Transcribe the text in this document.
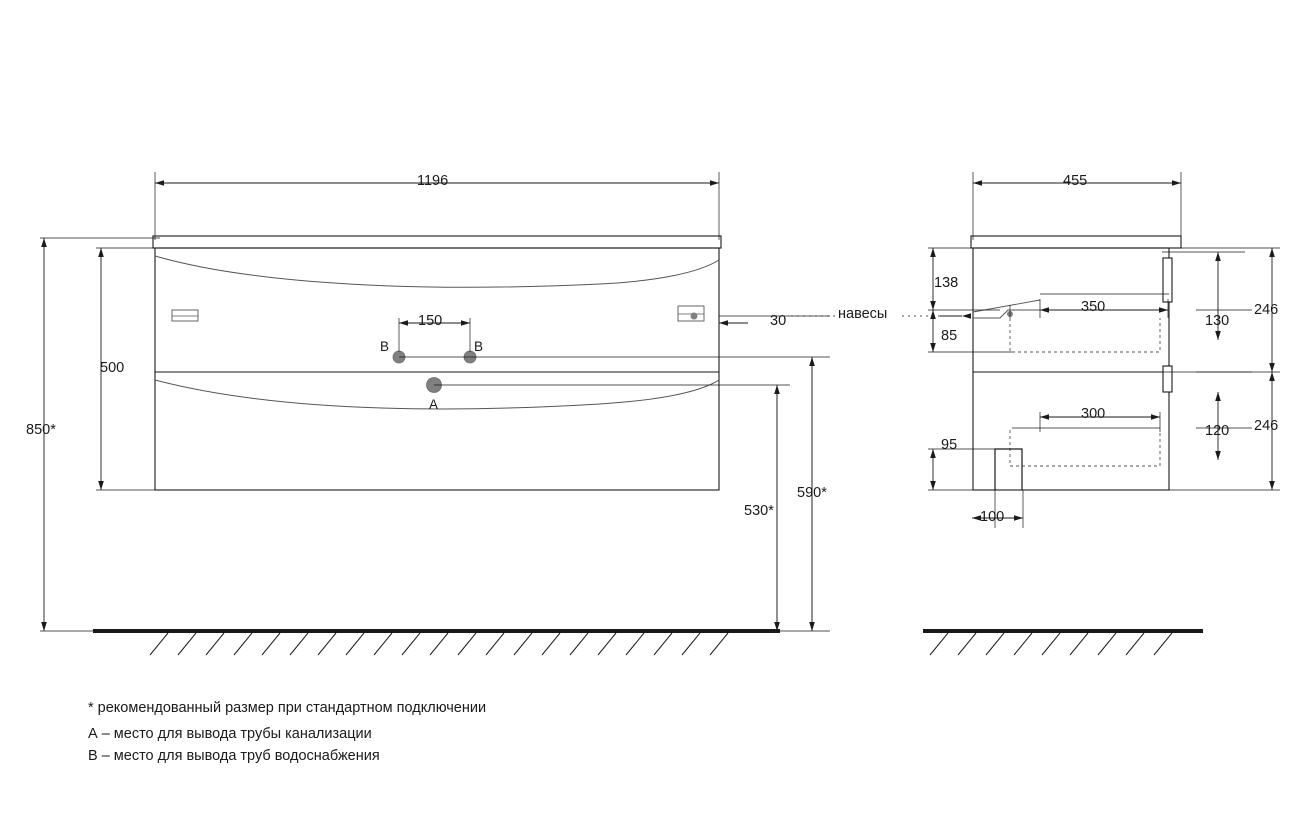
1196
500
850*
150	30
530*
590*
B	B
A
455
138
85
350
130
246
300
120 246
95
100
навесы
* рекомендованный размер при стандартном подключении
А – место для вывода трубы канализации
В – место для вывода труб водоснабжения
